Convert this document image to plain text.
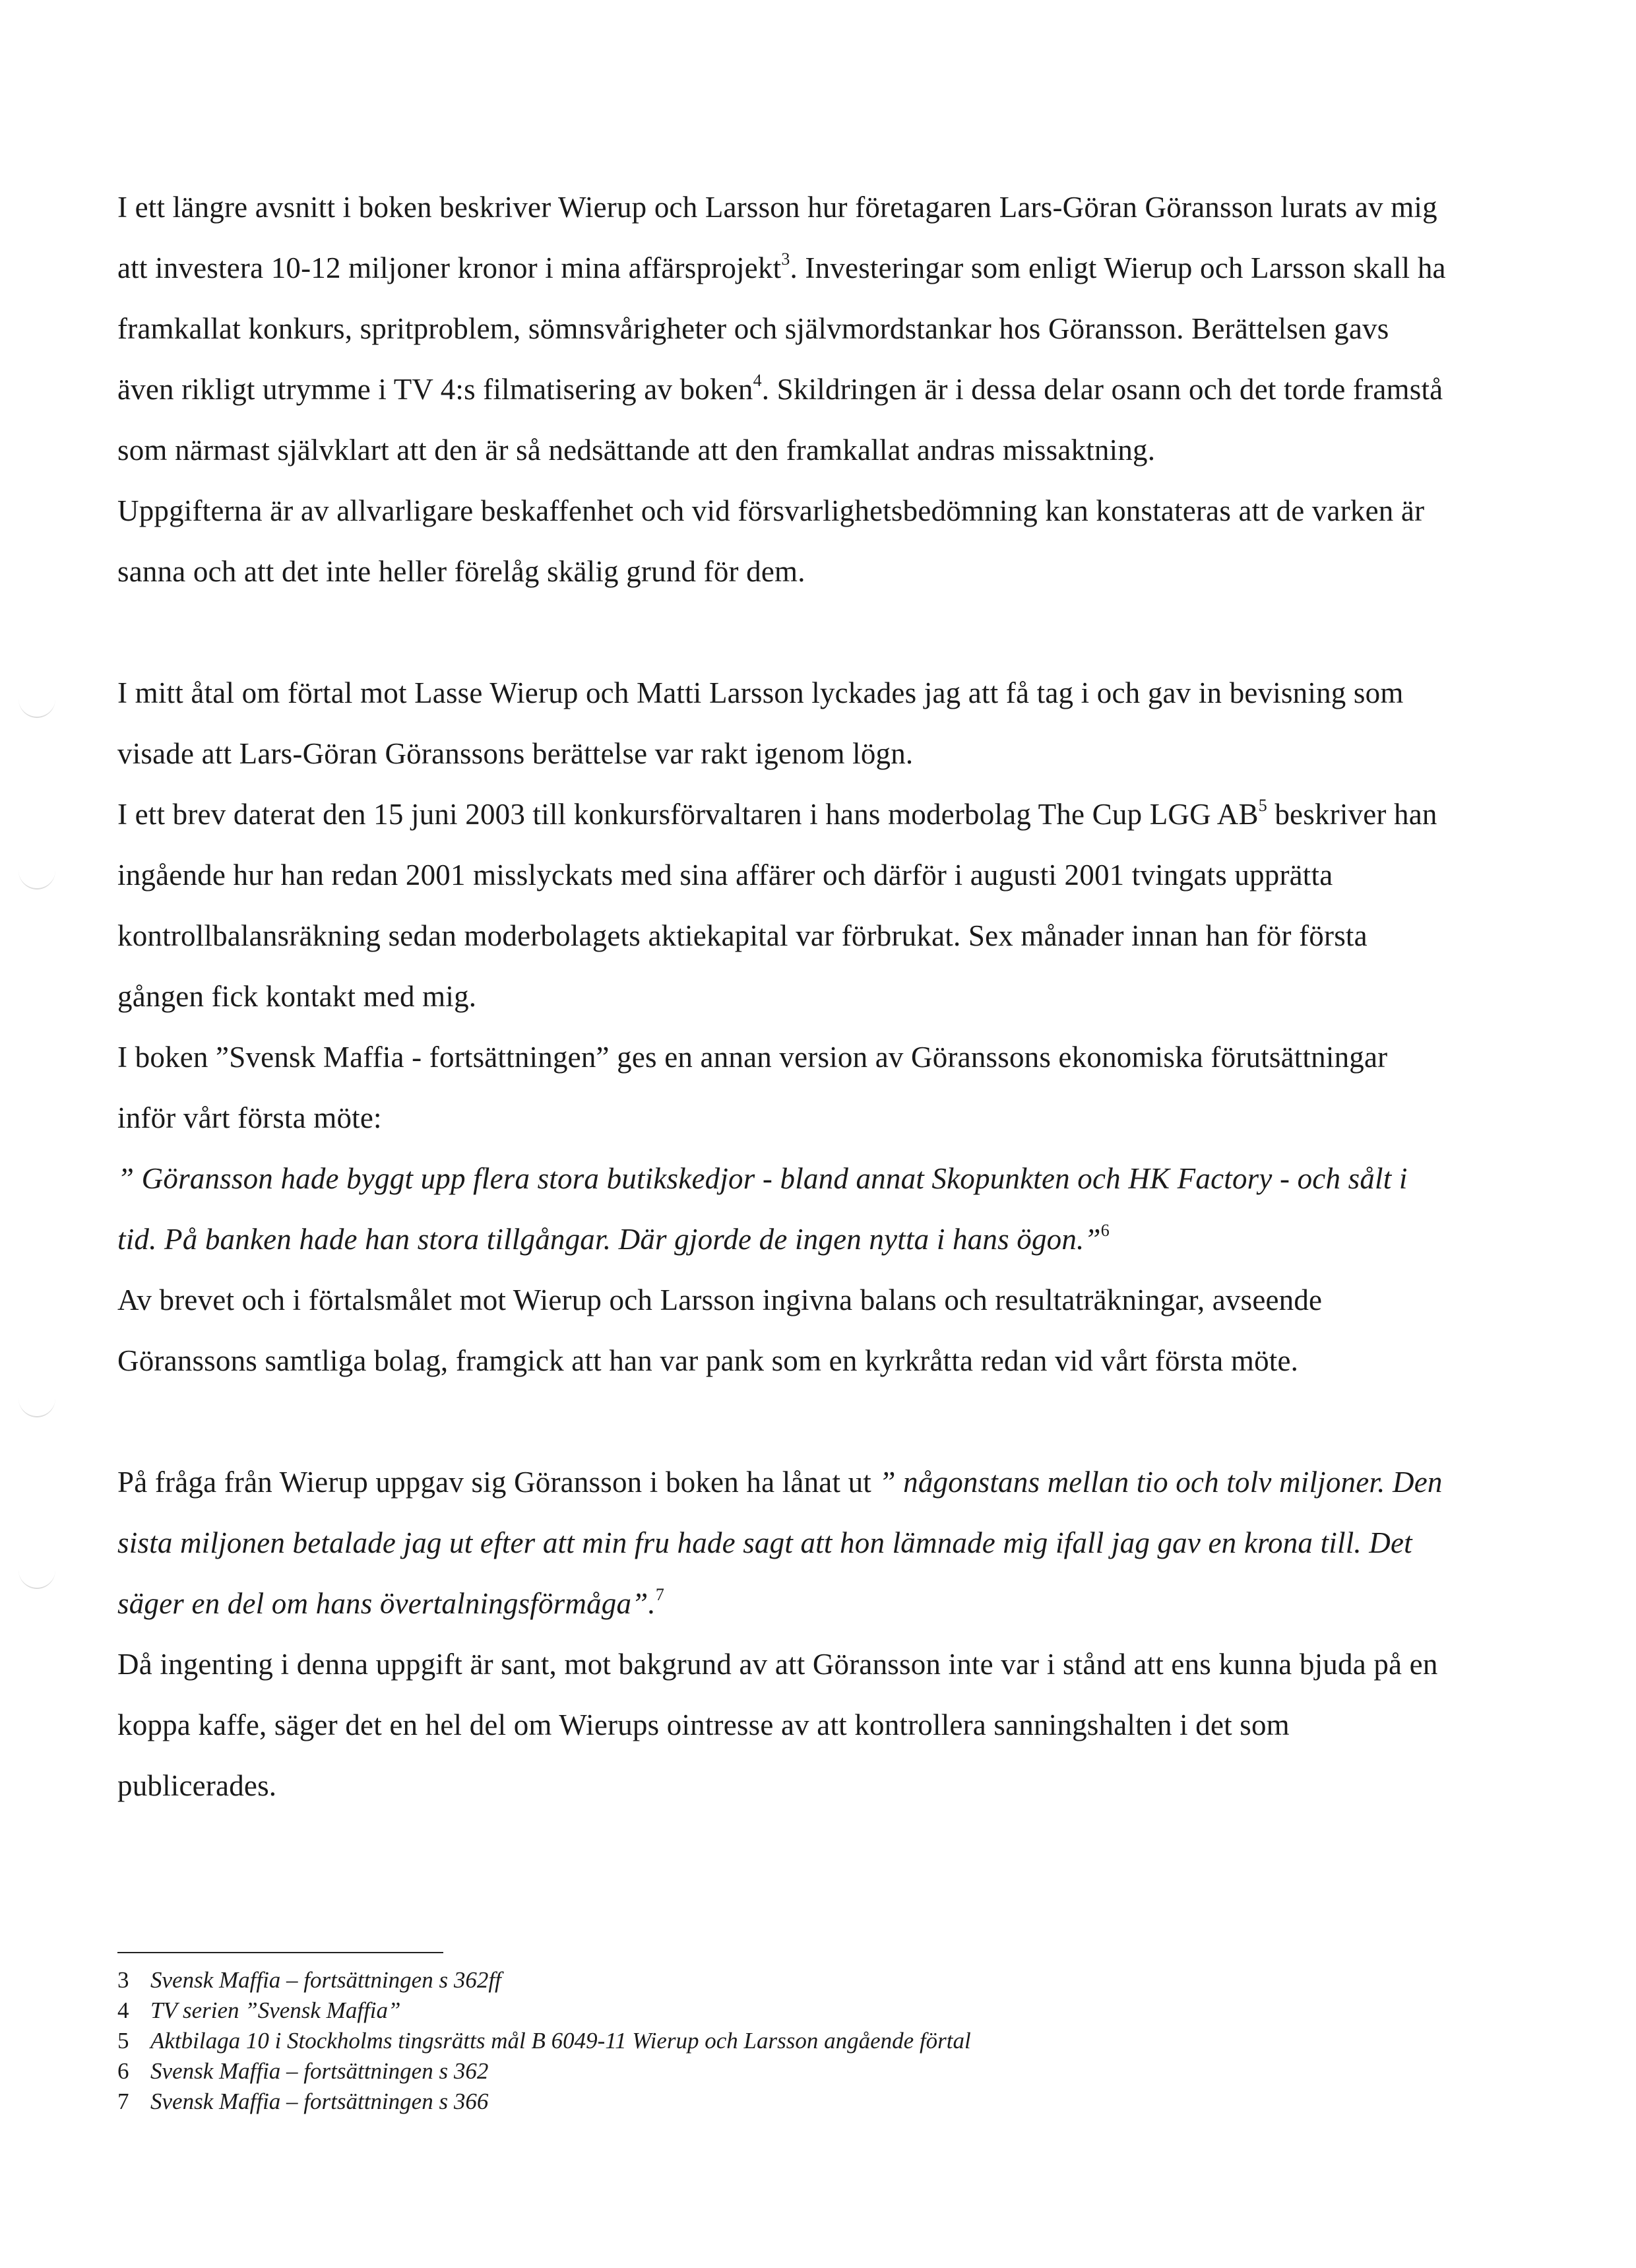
I ett längre avsnitt i boken beskriver Wierup och Larsson hur företagaren Lars-Göran Göransson lurats av mig att investera 10-12 miljoner kronor i mina affärsprojekt$^3$. Investeringar som enligt Wierup och Larsson skall ha framkallat konkurs, spritproblem, sömnsvårigheter och självmordstankar hos Göransson. Berättelsen gavs även rikligt utrymme i TV 4:s filmatisering av boken$^4$. Skildringen är i dessa delar osann och det torde framstå som närmast självklart att den är så nedsättande att den framkallat andras missaktning.

Uppgifterna är av allvarligare beskaffenhet och vid försvarlighetsbedömning kan konstateras att de varken är sanna och att det inte heller förelåg skälig grund för dem.

I mitt åtal om förtal mot Lasse Wierup och Matti Larsson lyckades jag att få tag i och gav in bevisning som visade att Lars-Göran Göranssons berättelse var rakt igenom lögn.

I ett brev daterat den 15 juni 2003 till konkursförvaltaren i hans moderbolag The Cup LGG AB$^5$ beskriver han ingående hur han redan 2001 misslyckats med sina affärer och därför i augusti 2001 tvingats upprätta kontrollbalansräkning sedan moderbolagets aktiekapital var förbrukat. Sex månader innan han för första gången fick kontakt med mig.

I boken ”Svensk Maffia - fortsättningen” ges en annan version av Göranssons ekonomiska förutsättningar inför vårt första möte:

” Göransson hade byggt upp flera stora butikskedjor - bland annat Skopunkten och HK Factory - och sålt i tid. På banken hade han stora tillgångar. Där gjorde de ingen nytta i hans ögon.”$^6$

Av brevet och i förtalsmålet mot Wierup och Larsson ingivna balans och resultaträkningar, avseende Göranssons samtliga bolag, framgick att han var pank som en kyrkråtta redan vid vårt första möte.

På fråga från Wierup uppgav sig Göransson i boken ha lånat ut ” någonstans mellan tio och tolv miljoner. Den sista miljonen betalade jag ut efter att min fru hade sagt att hon lämnade mig ifall jag gav en krona till. Det säger en del om hans övertalningsförmåga”.$^7$

Då ingenting i denna uppgift är sant, mot bakgrund av att Göransson inte var i stånd att ens kunna bjuda på en koppa kaffe, säger det en hel del om Wierups ointresse av att kontrollera sanningshalten i det som publicerades.

3 Svensk Maffia – fortsättningen s 362ff
4 TV serien ”Svensk Maffia”
5 Aktbilaga 10 i Stockholms tingsrätts mål B 6049-11 Wierup och Larsson angående förtal
6 Svensk Maffia – fortsättningen s 362
7 Svensk Maffia – fortsättningen s 366
